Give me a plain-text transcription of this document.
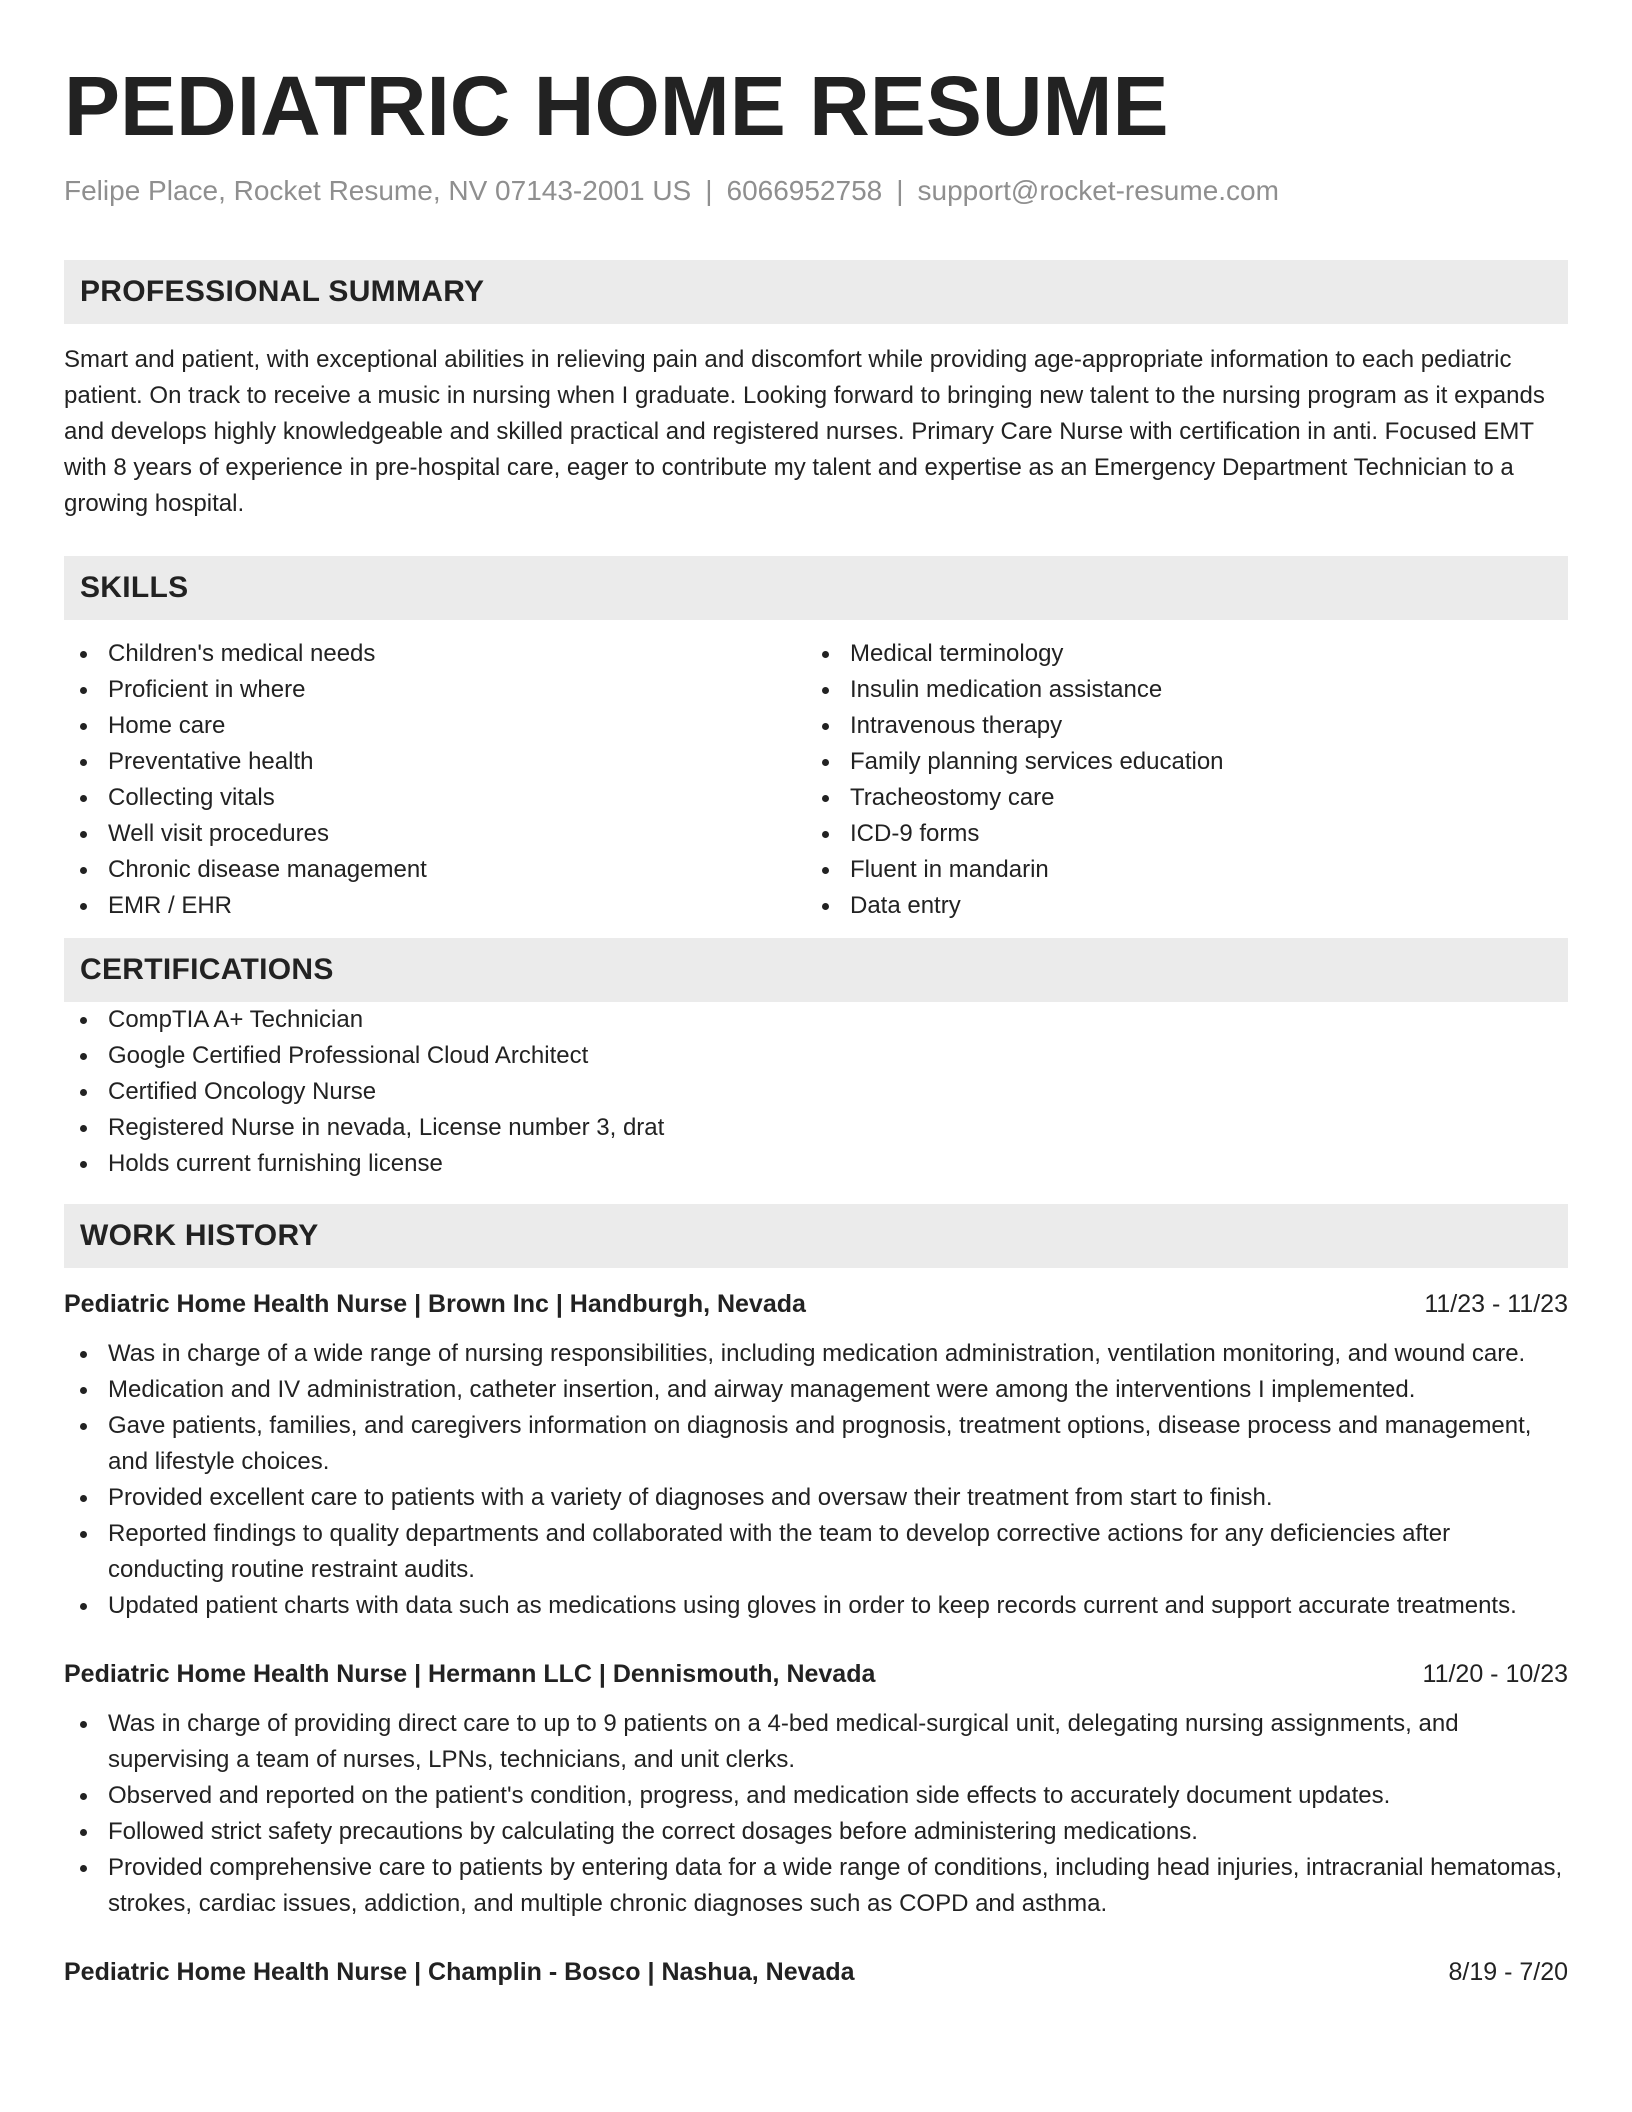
PEDIATRIC HOME RESUME
Felipe Place, Rocket Resume, NV 07143-2001 US | 6066952758 | support@rocket-resume.com
PROFESSIONAL SUMMARY
Smart and patient, with exceptional abilities in relieving pain and discomfort while providing age-appropriate information to each pediatric patient. On track to receive a music in nursing when I graduate. Looking forward to bringing new talent to the nursing program as it expands and develops highly knowledgeable and skilled practical and registered nurses. Primary Care Nurse with certification in anti. Focused EMT with 8 years of experience in pre-hospital care, eager to contribute my talent and expertise as an Emergency Department Technician to a growing hospital.
SKILLS
Children's medical needs
Proficient in where
Home care
Preventative health
Collecting vitals
Well visit procedures
Chronic disease management
EMR / EHR
Medical terminology
Insulin medication assistance
Intravenous therapy
Family planning services education
Tracheostomy care
ICD-9 forms
Fluent in mandarin
Data entry
CERTIFICATIONS
CompTIA A+ Technician
Google Certified Professional Cloud Architect
Certified Oncology Nurse
Registered Nurse in nevada, License number 3, drat
Holds current furnishing license
WORK HISTORY
Pediatric Home Health Nurse | Brown Inc | Handburgh, Nevada	11/23 - 11/23
Was in charge of a wide range of nursing responsibilities, including medication administration, ventilation monitoring, and wound care.
Medication and IV administration, catheter insertion, and airway management were among the interventions I implemented.
Gave patients, families, and caregivers information on diagnosis and prognosis, treatment options, disease process and management, and lifestyle choices.
Provided excellent care to patients with a variety of diagnoses and oversaw their treatment from start to finish.
Reported findings to quality departments and collaborated with the team to develop corrective actions for any deficiencies after conducting routine restraint audits.
Updated patient charts with data such as medications using gloves in order to keep records current and support accurate treatments.
Pediatric Home Health Nurse | Hermann LLC | Dennismouth, Nevada	11/20 - 10/23
Was in charge of providing direct care to up to 9 patients on a 4-bed medical-surgical unit, delegating nursing assignments, and supervising a team of nurses, LPNs, technicians, and unit clerks.
Observed and reported on the patient's condition, progress, and medication side effects to accurately document updates.
Followed strict safety precautions by calculating the correct dosages before administering medications.
Provided comprehensive care to patients by entering data for a wide range of conditions, including head injuries, intracranial hematomas, strokes, cardiac issues, addiction, and multiple chronic diagnoses such as COPD and asthma.
Pediatric Home Health Nurse | Champlin - Bosco | Nashua, Nevada	8/19 - 7/20
